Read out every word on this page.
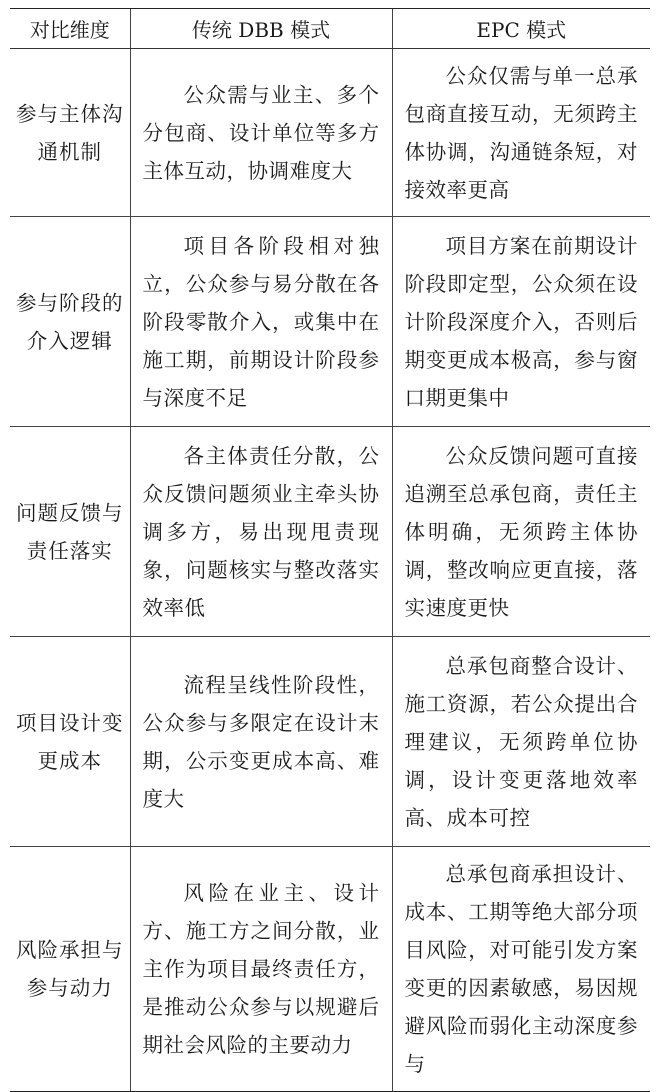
对比维度	传统 DBB 模式	EPC 模式
参与主体沟通机制	公众需与业主、多个分包商、设计单位等多方主体互动，协调难度大	公众仅需与单一总承包商直接互动，无须跨主体协调，沟通链条短，对接效率更高
参与阶段的介入逻辑	项目各阶段相对独立，公众参与易分散在各阶段零散介入，或集中在施工期，前期设计阶段参与深度不足	项目方案在前期设计阶段即定型，公众须在设计阶段深度介入，否则后期变更成本极高，参与窗口期更集中
问题反馈与责任落实	各主体责任分散，公众反馈问题须业主牵头协调多方，易出现甩责现象，问题核实与整改落实效率低	公众反馈问题可直接追溯至总承包商，责任主体明确，无须跨主体协调，整改响应更直接，落实速度更快
项目设计变更成本	流程呈线性阶段性，公众参与多限定在设计末期，公示变更成本高、难度大	总承包商整合设计、施工资源，若公众提出合理建议，无须跨单位协调，设计变更落地效率高、成本可控
风险承担与参与动力	风险在业主、设计方、施工方之间分散，业主作为项目最终责任方，是推动公众参与以规避后期社会风险的主要动力	总承包商承担设计、成本、工期等绝大部分项目风险，对可能引发方案变更的因素敏感，易因规避风险而弱化主动深度参与
